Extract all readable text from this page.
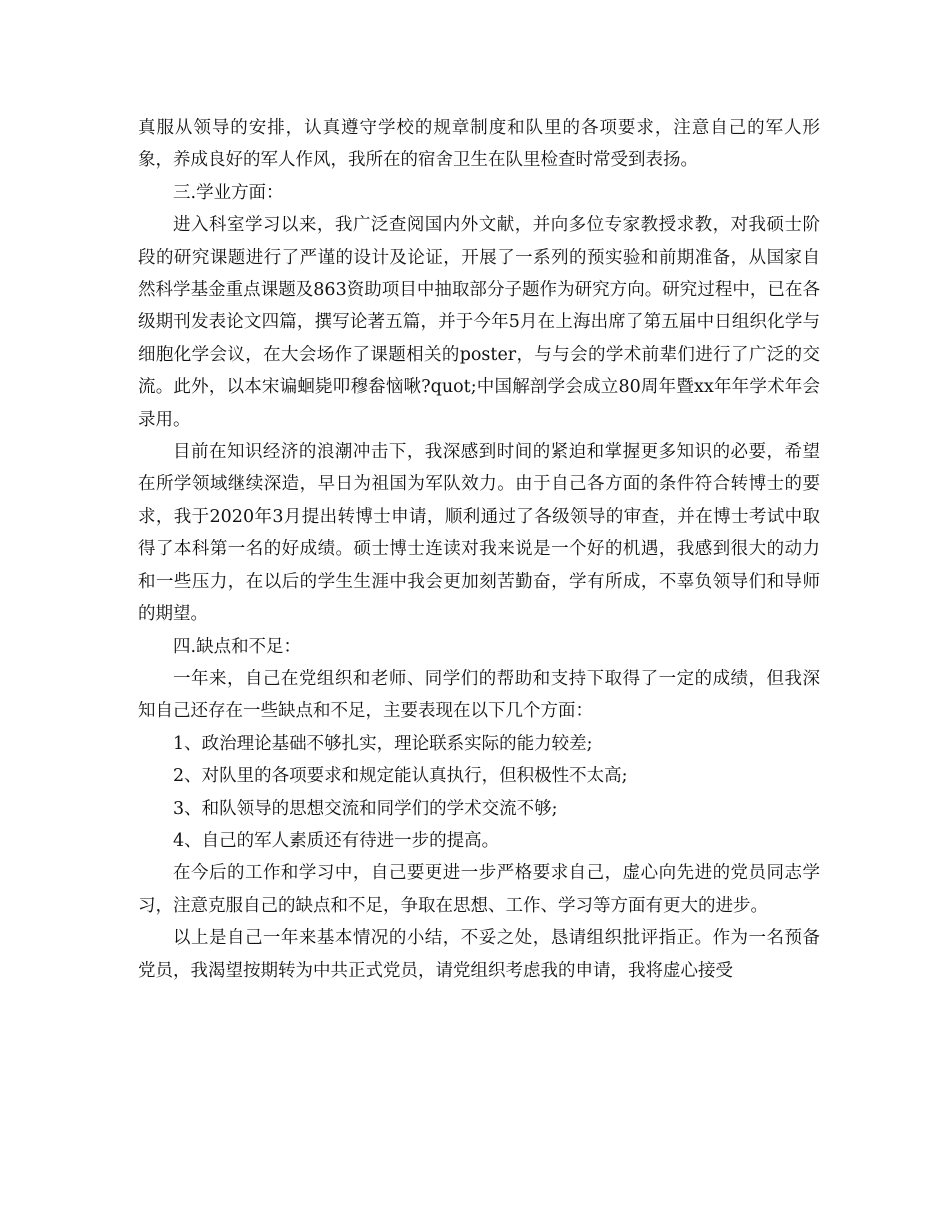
真服从领导的安排，认真遵守学校的规章制度和队里的各项要求，注意自己的军人形象，养成良好的军人作风，我所在的宿舍卫生在队里检查时常受到表扬。

三.学业方面：

进入科室学习以来，我广泛查阅国内外文献，并向多位专家教授求教，对我硕士阶段的研究课题进行了严谨的设计及论证，开展了一系列的预实验和前期准备，从国家自然科学基金重点课题及863资助项目中抽取部分子题作为研究方向。研究过程中，已在各级期刊发表论文四篇，撰写论著五篇，并于今年5月在上海出席了第五届中日组织化学与细胞化学会议，在大会场作了课题相关的poster，与与会的学术前辈们进行了广泛的交流。此外，以本宋谝蛔毙叩穆畚恼啾?quot;中国解剖学会成立80周年暨xx年年学术年会录用。

目前在知识经济的浪潮冲击下，我深感到时间的紧迫和掌握更多知识的必要，希望在所学领域继续深造，早日为祖国为军队效力。由于自己各方面的条件符合转博士的要求，我于2020年3月提出转博士申请，顺利通过了各级领导的审查，并在博士考试中取得了本科第一名的好成绩。硕士博士连读对我来说是一个好的机遇，我感到很大的动力和一些压力，在以后的学生生涯中我会更加刻苦勤奋，学有所成，不辜负领导们和导师的期望。

四.缺点和不足：

一年来，自己在党组织和老师、同学们的帮助和支持下取得了一定的成绩，但我深知自己还存在一些缺点和不足，主要表现在以下几个方面：

1、政治理论基础不够扎实，理论联系实际的能力较差;

2、对队里的各项要求和规定能认真执行，但积极性不太高;

3、和队领导的思想交流和同学们的学术交流不够;

4、自己的军人素质还有待进一步的提高。

在今后的工作和学习中，自己要更进一步严格要求自己，虚心向先进的党员同志学习，注意克服自己的缺点和不足，争取在思想、工作、学习等方面有更大的进步。

以上是自己一年来基本情况的小结，不妥之处，恳请组织批评指正。作为一名预备党员，我渴望按期转为中共正式党员，请党组织考虑我的申请，我将虚心接受
